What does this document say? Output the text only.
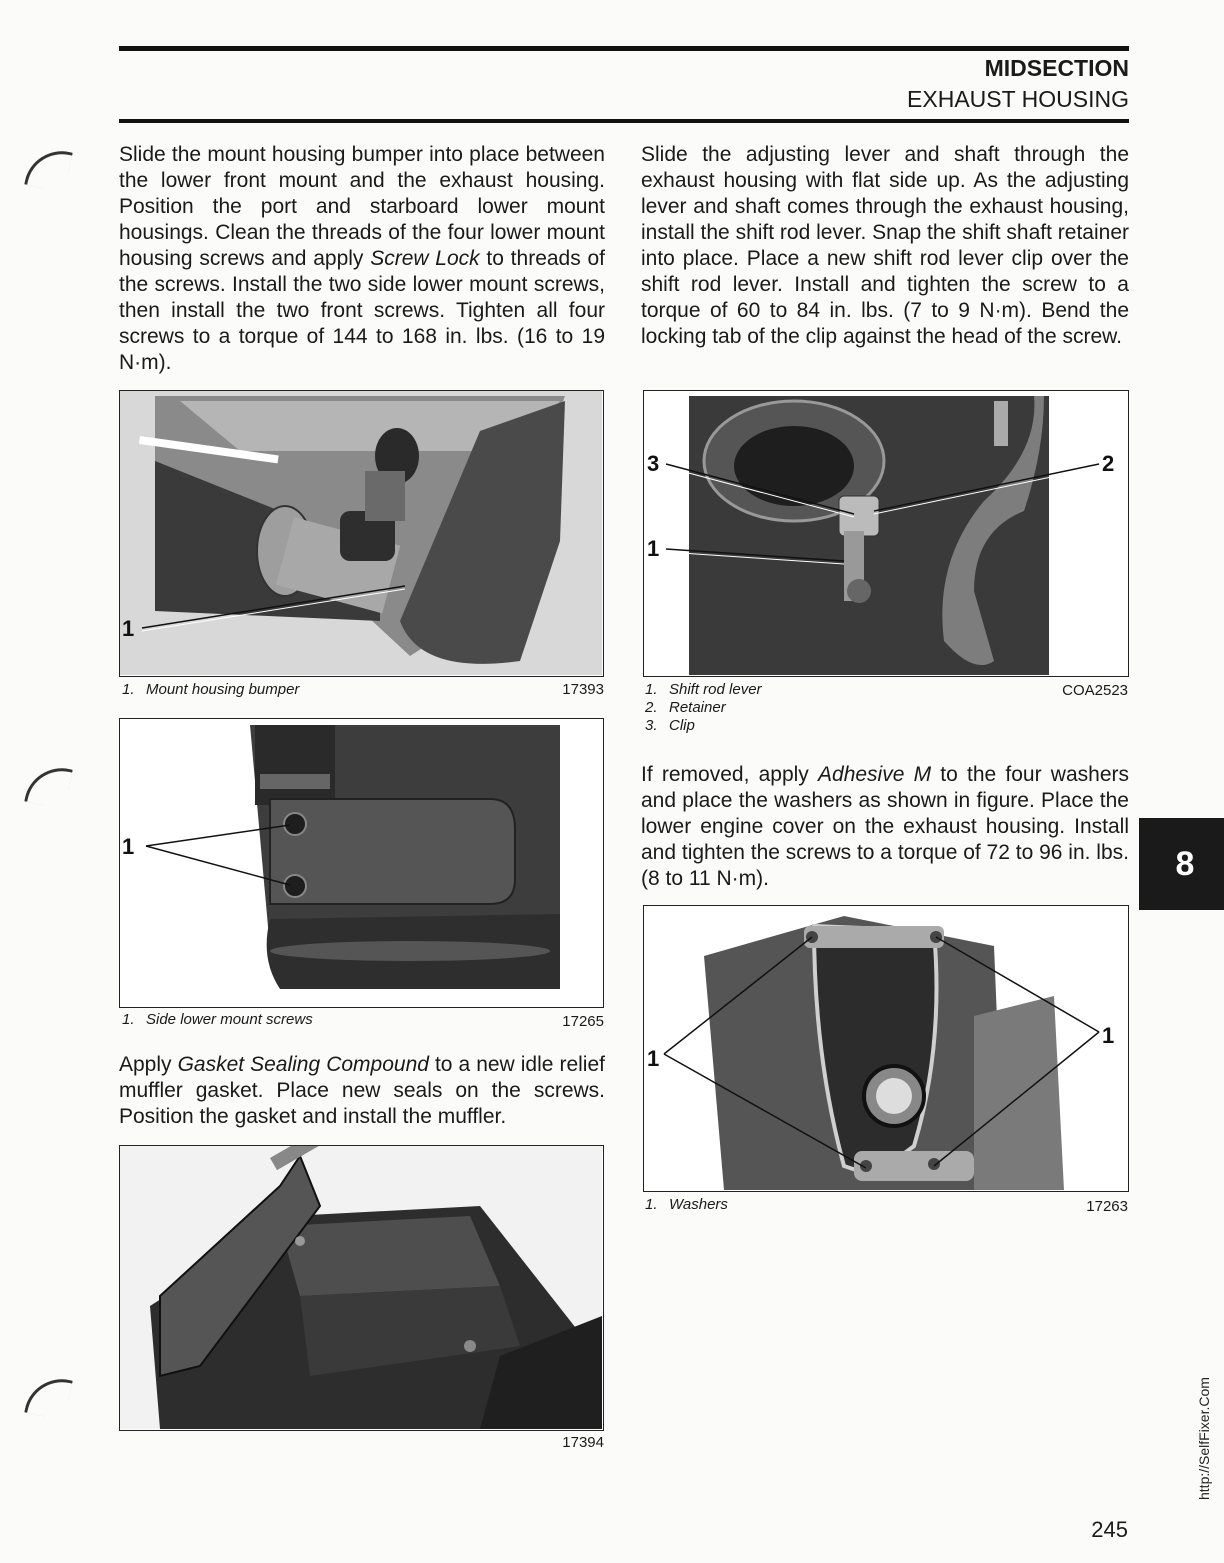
MIDSECTION
EXHAUST HOUSING

Slide the mount housing bumper into place between the lower front mount and the exhaust housing. Position the port and starboard lower mount housings. Clean the threads of the four lower mount housing screws and apply Screw Lock to threads of the screws. Install the two side lower mount screws, then install the two front screws. Tighten all four screws to a torque of 144 to 168 in. lbs. (16 to 19 N·m).

1
1. Mount housing bumper	17393
1
1. Side lower mount screws	17265

Apply Gasket Sealing Compound to a new idle relief muffler gasket. Place new seals on the screws. Position the gasket and install the muffler.

17394

Slide the adjusting lever and shaft through the exhaust housing with flat side up. As the adjusting lever and shaft comes through the exhaust housing, install the shift rod lever. Snap the shift shaft retainer into place. Place a new shift rod lever clip over the shift rod lever. Install and tighten the screw to a torque of 60 to 84 in. lbs. (7 to 9 N·m). Bend the locking tab of the clip against the head of the screw.

3	2
1
1. Shift rod lever
2. Retainer
3. Clip
COA2523

If removed, apply Adhesive M to the four washers and place the washers as shown in figure. Place the lower engine cover on the exhaust housing. Install and tighten the screws to a torque of 72 to 96 in. lbs. (8 to 11 N·m).

1
1
1. Washers	17263
8
http://SelfFixer.Com
245
